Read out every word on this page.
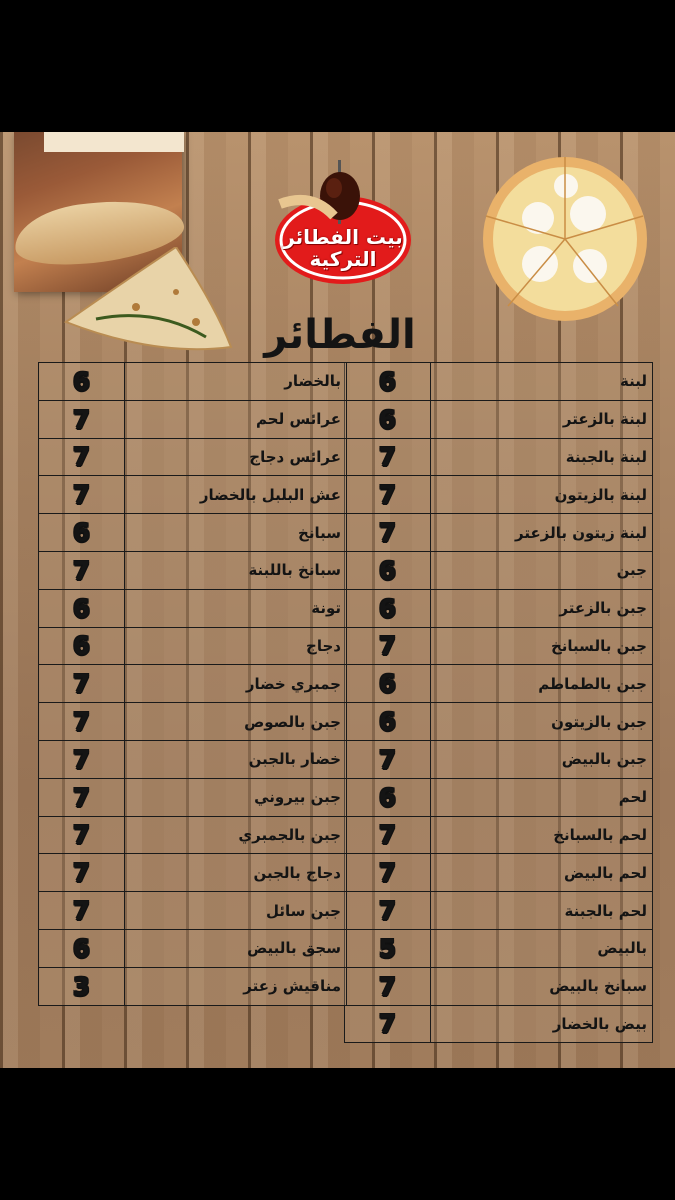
بيت الفطائر
التركية
الفطائر
لبنة	6
لبنة بالزعتر	6
لبنة بالجبنة	7
لبنة بالزيتون	7
لبنة زيتون بالزعتر	7
جبن	6
جبن بالزعتر	6
جبن بالسبانخ	7
جبن بالطماطم	6
جبن بالزيتون	6
جبن بالبيض	7
لحم	6
لحم بالسبانخ	7
لحم بالبيض	7
لحم بالجبنة	7
بالبيض	5
سبانخ بالبيض	7
بيض بالخضار	7
بالخضار	6
عرائس لحم	7
عرائس دجاج	7
عش البلبل بالخضار	7
سبانخ	6
سبانخ باللبنة	7
تونة	6
دجاج	6
جمبري خضار	7
جبن بالصوص	7
خضار بالجبن	7
جبن بيروني	7
جبن بالجمبري	7
دجاج بالجبن	7
جبن سائل	7
سجق بالبيض	6
مناقيش زعتر	3
